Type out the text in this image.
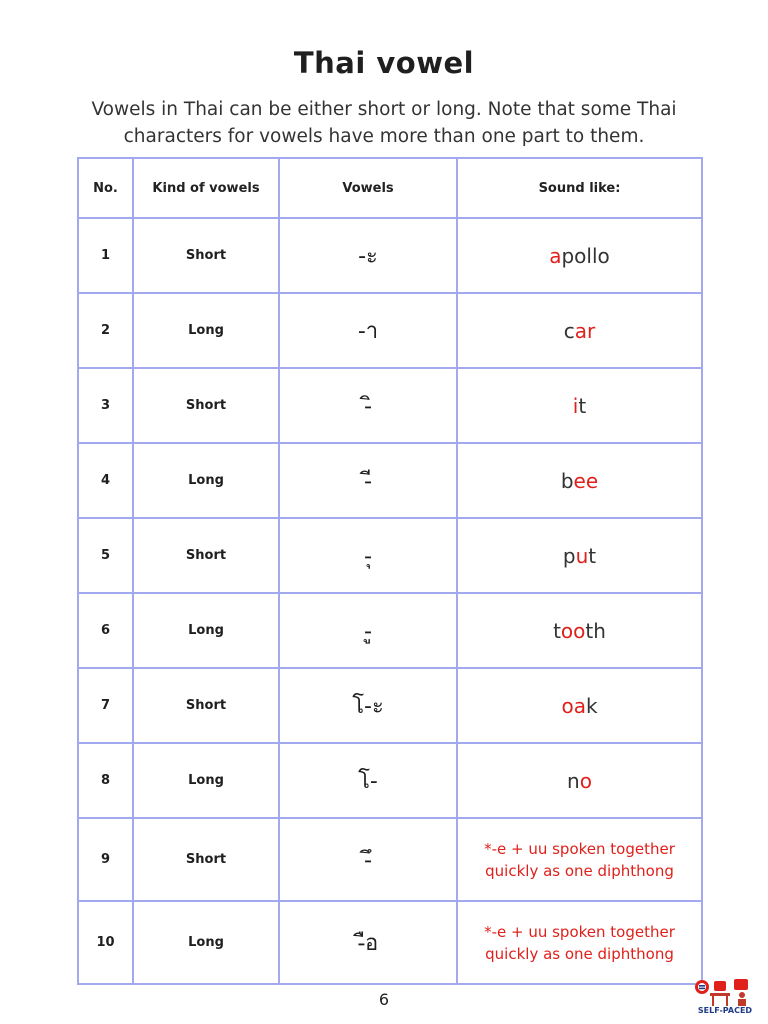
Thai vowel
Vowels in Thai can be either short or long. Note that some Thai characters for vowels have more than one part to them.
No.	Kind of vowels	Vowels	Sound like:
1	Short	-ะ	apollo
2	Long	-า	car
3	Short	-ิ	it
4	Long	-ี	bee
5	Short	-ุ	put
6	Long	-ู	tooth
7	Short	โ-ะ	oak
8	Long	โ-	no
9	Short	-ึ	*-e + uu spoken together
quickly as one diphthong

10	Long	-ือ	*-e + uu spoken together
quickly as one diphthong
6
SELF-PACED
